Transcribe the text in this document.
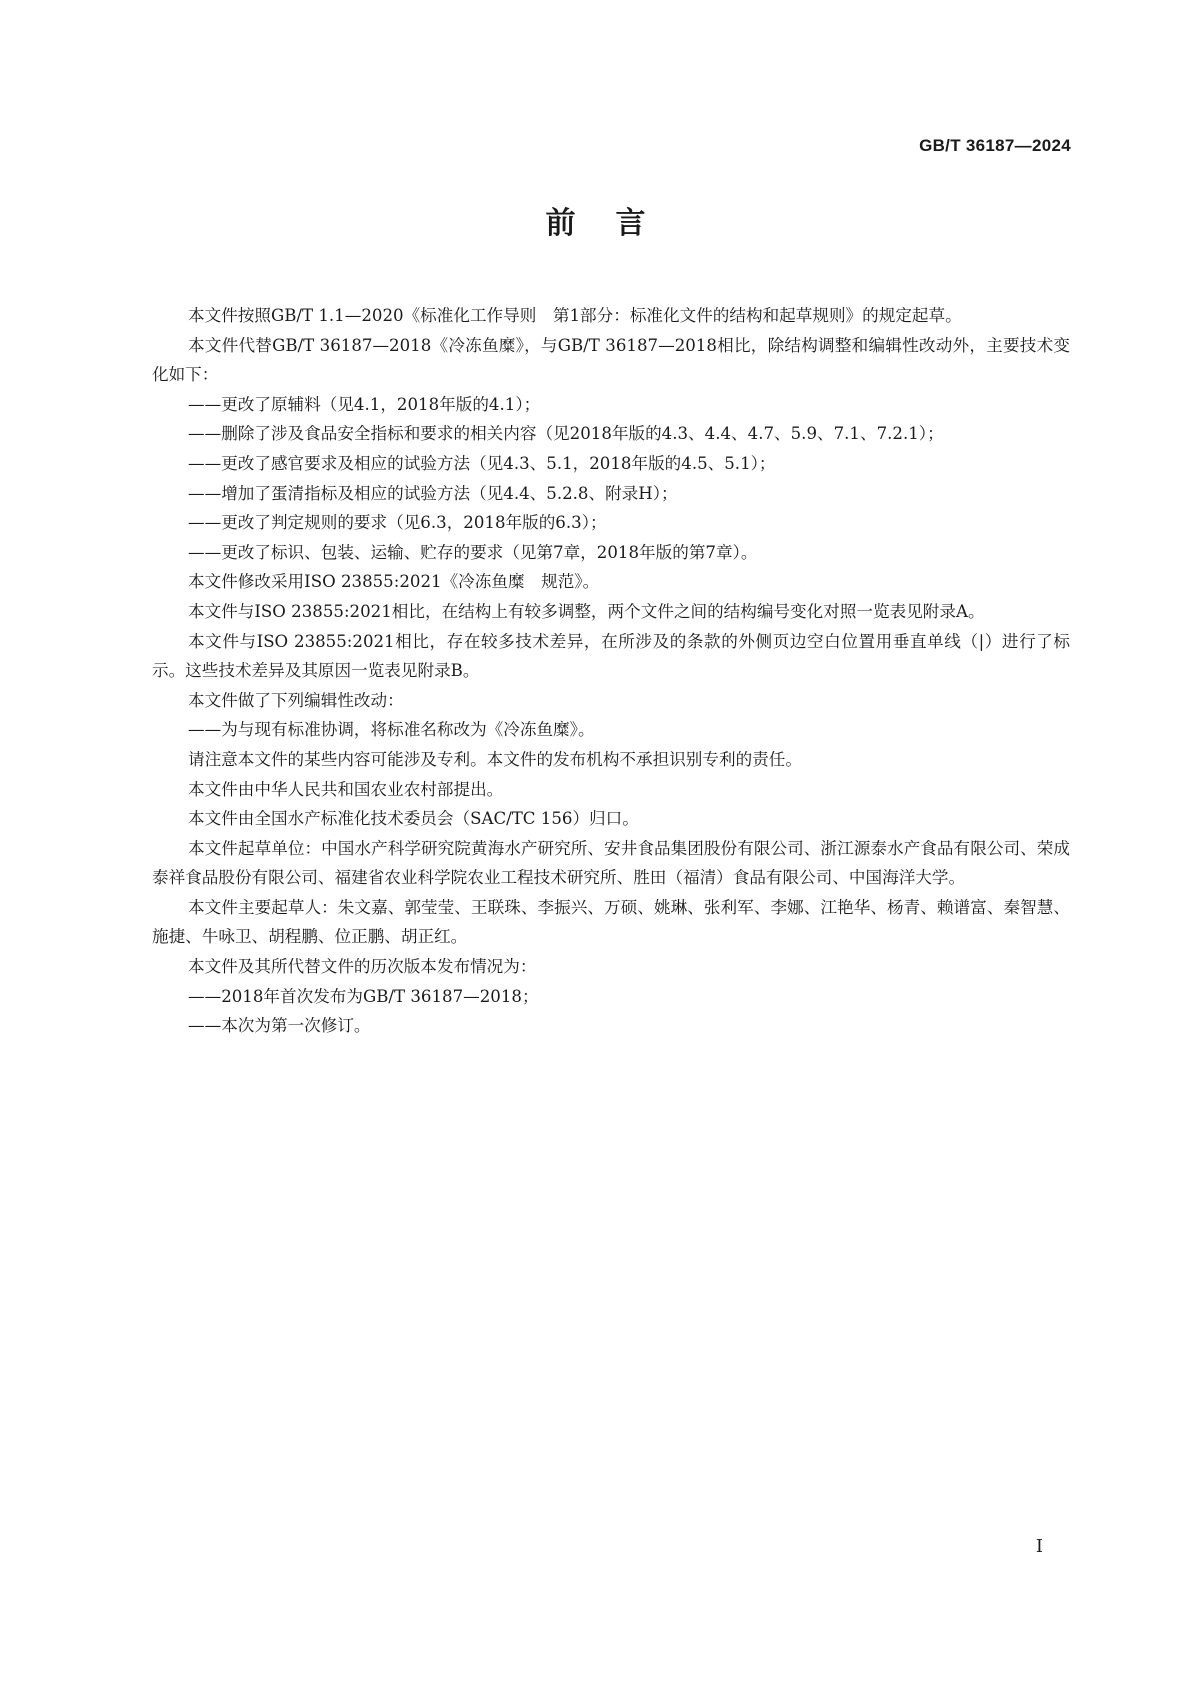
GB/T 36187—2024
前言

本文件按照GB/T 1.1—2020《标准化工作导则　第1部分：标准化文件的结构和起草规则》的规定起草。

本文件代替GB/T 36187—2018《冷冻鱼糜》，与GB/T 36187—2018相比，除结构调整和编辑性改动外，主要技术变化如下：

——更改了原辅料（见4.1，2018年版的4.1）；

——删除了涉及食品安全指标和要求的相关内容（见2018年版的4.3、4.4、4.7、5.9、7.1、7.2.1）；

——更改了感官要求及相应的试验方法（见4.3、5.1，2018年版的4.5、5.1）；

——增加了蛋清指标及相应的试验方法（见4.4、5.2.8、附录H）；

——更改了判定规则的要求（见6.3，2018年版的6.3）；

——更改了标识、包装、运输、贮存的要求（见第7章，2018年版的第7章）。

本文件修改采用ISO 23855:2021《冷冻鱼糜　规范》。

本文件与ISO 23855:2021相比，在结构上有较多调整，两个文件之间的结构编号变化对照一览表见附录A。

本文件与ISO 23855:2021相比，存在较多技术差异，在所涉及的条款的外侧页边空白位置用垂直单线（|）进行了标示。这些技术差异及其原因一览表见附录B。

本文件做了下列编辑性改动：

——为与现有标准协调，将标准名称改为《冷冻鱼糜》。

请注意本文件的某些内容可能涉及专利。本文件的发布机构不承担识别专利的责任。

本文件由中华人民共和国农业农村部提出。

本文件由全国水产标准化技术委员会（SAC/TC 156）归口。

本文件起草单位：中国水产科学研究院黄海水产研究所、安井食品集团股份有限公司、浙江源泰水产食品有限公司、荣成泰祥食品股份有限公司、福建省农业科学院农业工程技术研究所、胜田（福清）食品有限公司、中国海洋大学。

本文件主要起草人：朱文嘉、郭莹莹、王联珠、李振兴、万硕、姚琳、张利军、李娜、江艳华、杨青、赖谱富、秦智慧、施捷、牛咏卫、胡程鹏、位正鹏、胡正红。

本文件及其所代替文件的历次版本发布情况为：

——2018年首次发布为GB/T 36187—2018；

——本次为第一次修订。

I
